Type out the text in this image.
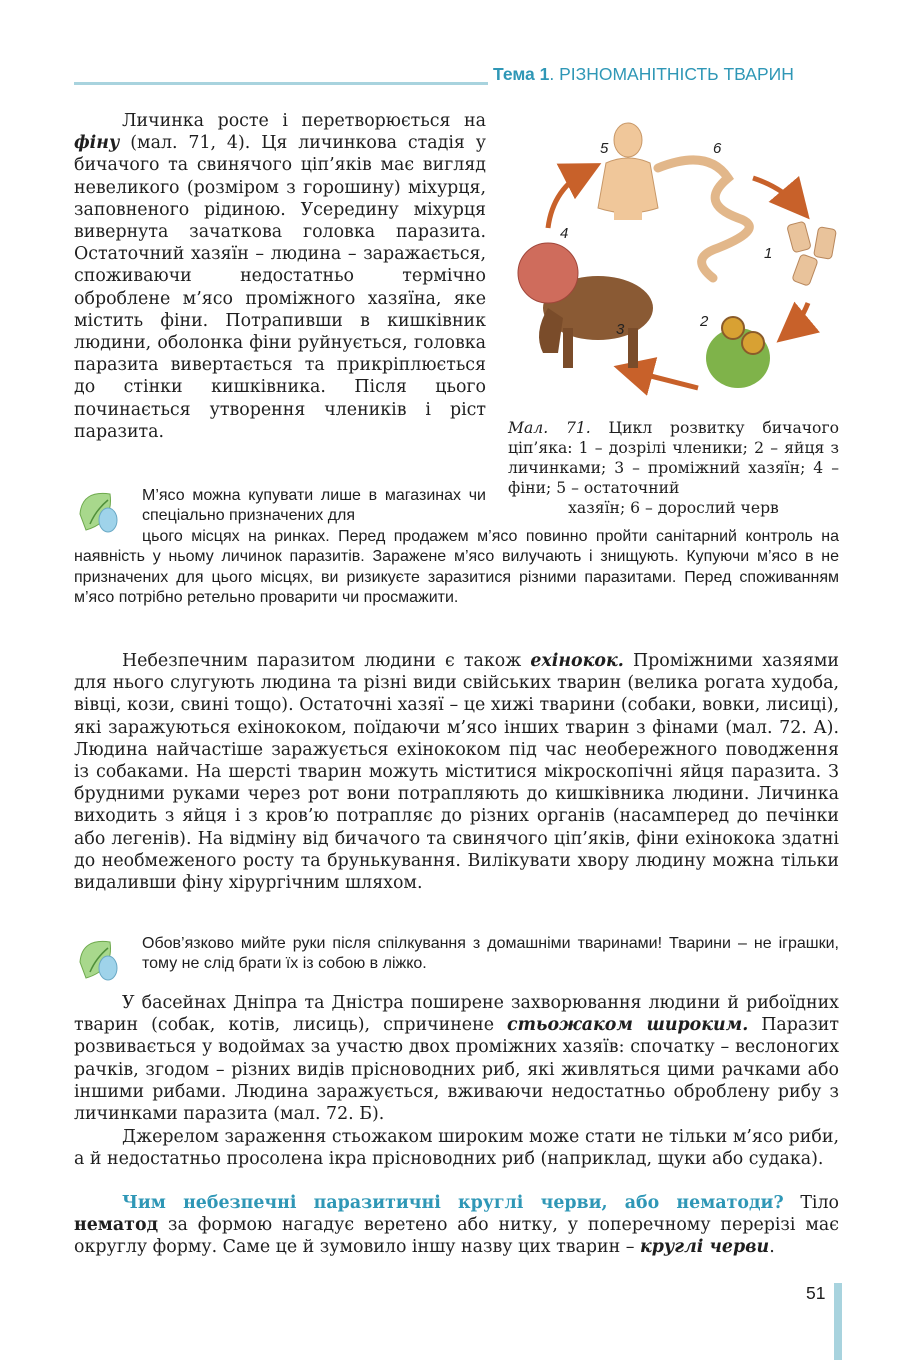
Тема 1. РІЗНОМАНІТНІСТЬ ТВАРИН

Личинка росте і перетворюється на фіну (мал. 71, 4). Ця личинкова стадія у бичачого та свинячого ціп’яків має вигляд невеликого (розміром з горошину) міхурця, заповненого рідиною. Усередину міхурця вивернута зачаткова головка паразита. Остаточний хазяїн – людина – заражається, споживаючи недостатньо термічно оброблене м’ясо проміжного хазяїна, яке містить фіни. Потрапивши в кишківник людини, оболонка фіни руйнується, головка паразита вивертається та прикріплюється до стінки кишківника. Після цього починається утворення члеників і ріст паразита.

5	6
4
1
2
3

Мал. 71. Цикл розвитку бичачого ціп’яка: 1 – дозрілі членики; 2 – яйця з личинками; 3 – проміжний хазяїн; 4 – фіни; 5 – остаточний
хазяїн; 6 – дорослий черв

М’ясо можна купувати лише в магазинах чи спеціально призначених для

цього місцях на ринках. Перед продажем м’ясо повинно пройти санітарний контроль на наявність у ньому личинок паразитів. Заражене м’ясо вилучають і знищують. Купуючи м’ясо в не призначених для цього місцях, ви ризикуєте заразитися різними паразитами. Перед споживанням м’ясо потрібно ретельно проварити чи просмажити.

Небезпечним паразитом людини є також ехінокок. Проміжними хазяями для нього слугують людина та різні види свійських тварин (велика рогата худоба, вівці, кози, свині тощо). Остаточні хазяї – це хижі тварини (собаки, вовки, лисиці), які заражуються ехінококом, поїдаючи м’ясо інших тварин з фінами (мал. 72. А). Людина найчастіше заражується ехінококом під час необережного поводження із собаками. На шерсті тварин можуть міститися мікроскопічні яйця паразита. З брудними руками через рот вони потрапляють до кишківника людини. Личинка виходить з яйця і з кров’ю потрапляє до різних органів (насамперед до печінки або легенів). На відміну від бичачого та свинячого ціп’яків, фіни ехінокока здатні до необмеженого росту та брунькування. Вилікувати хвору людину можна тільки видаливши фіну хірургічним шляхом.

Обов’язково мийте руки після спілкування з домашніми тваринами! Тварини – не іграшки, тому не слід брати їх із собою в ліжко.

У басейнах Дніпра та Дністра поширене захворювання людини й рибоїдних тварин (собак, котів, лисиць), спричинене стьожаком широким. Паразит розвивається у водоймах за участю двох проміжних хазяїв: спочатку – веслоногих рачків, згодом – різних видів прісноводних риб, які живляться цими рачками або іншими рибами. Людина заражується, вживаючи недостатньо оброблену рибу з личинками паразита (мал. 72. Б).

Джерелом зараження стьожаком широким може стати не тільки м’ясо риби, а й недостатньо просолена ікра прісноводних риб (наприклад, щуки або судака).

Чим небезпечні паразитичні круглі черви, або нематоди? Тіло нематод за формою нагадує веретено або нитку, у поперечному перерізі має округлу форму. Саме це й зумовило іншу назву цих тварин – круглі черви.

51
